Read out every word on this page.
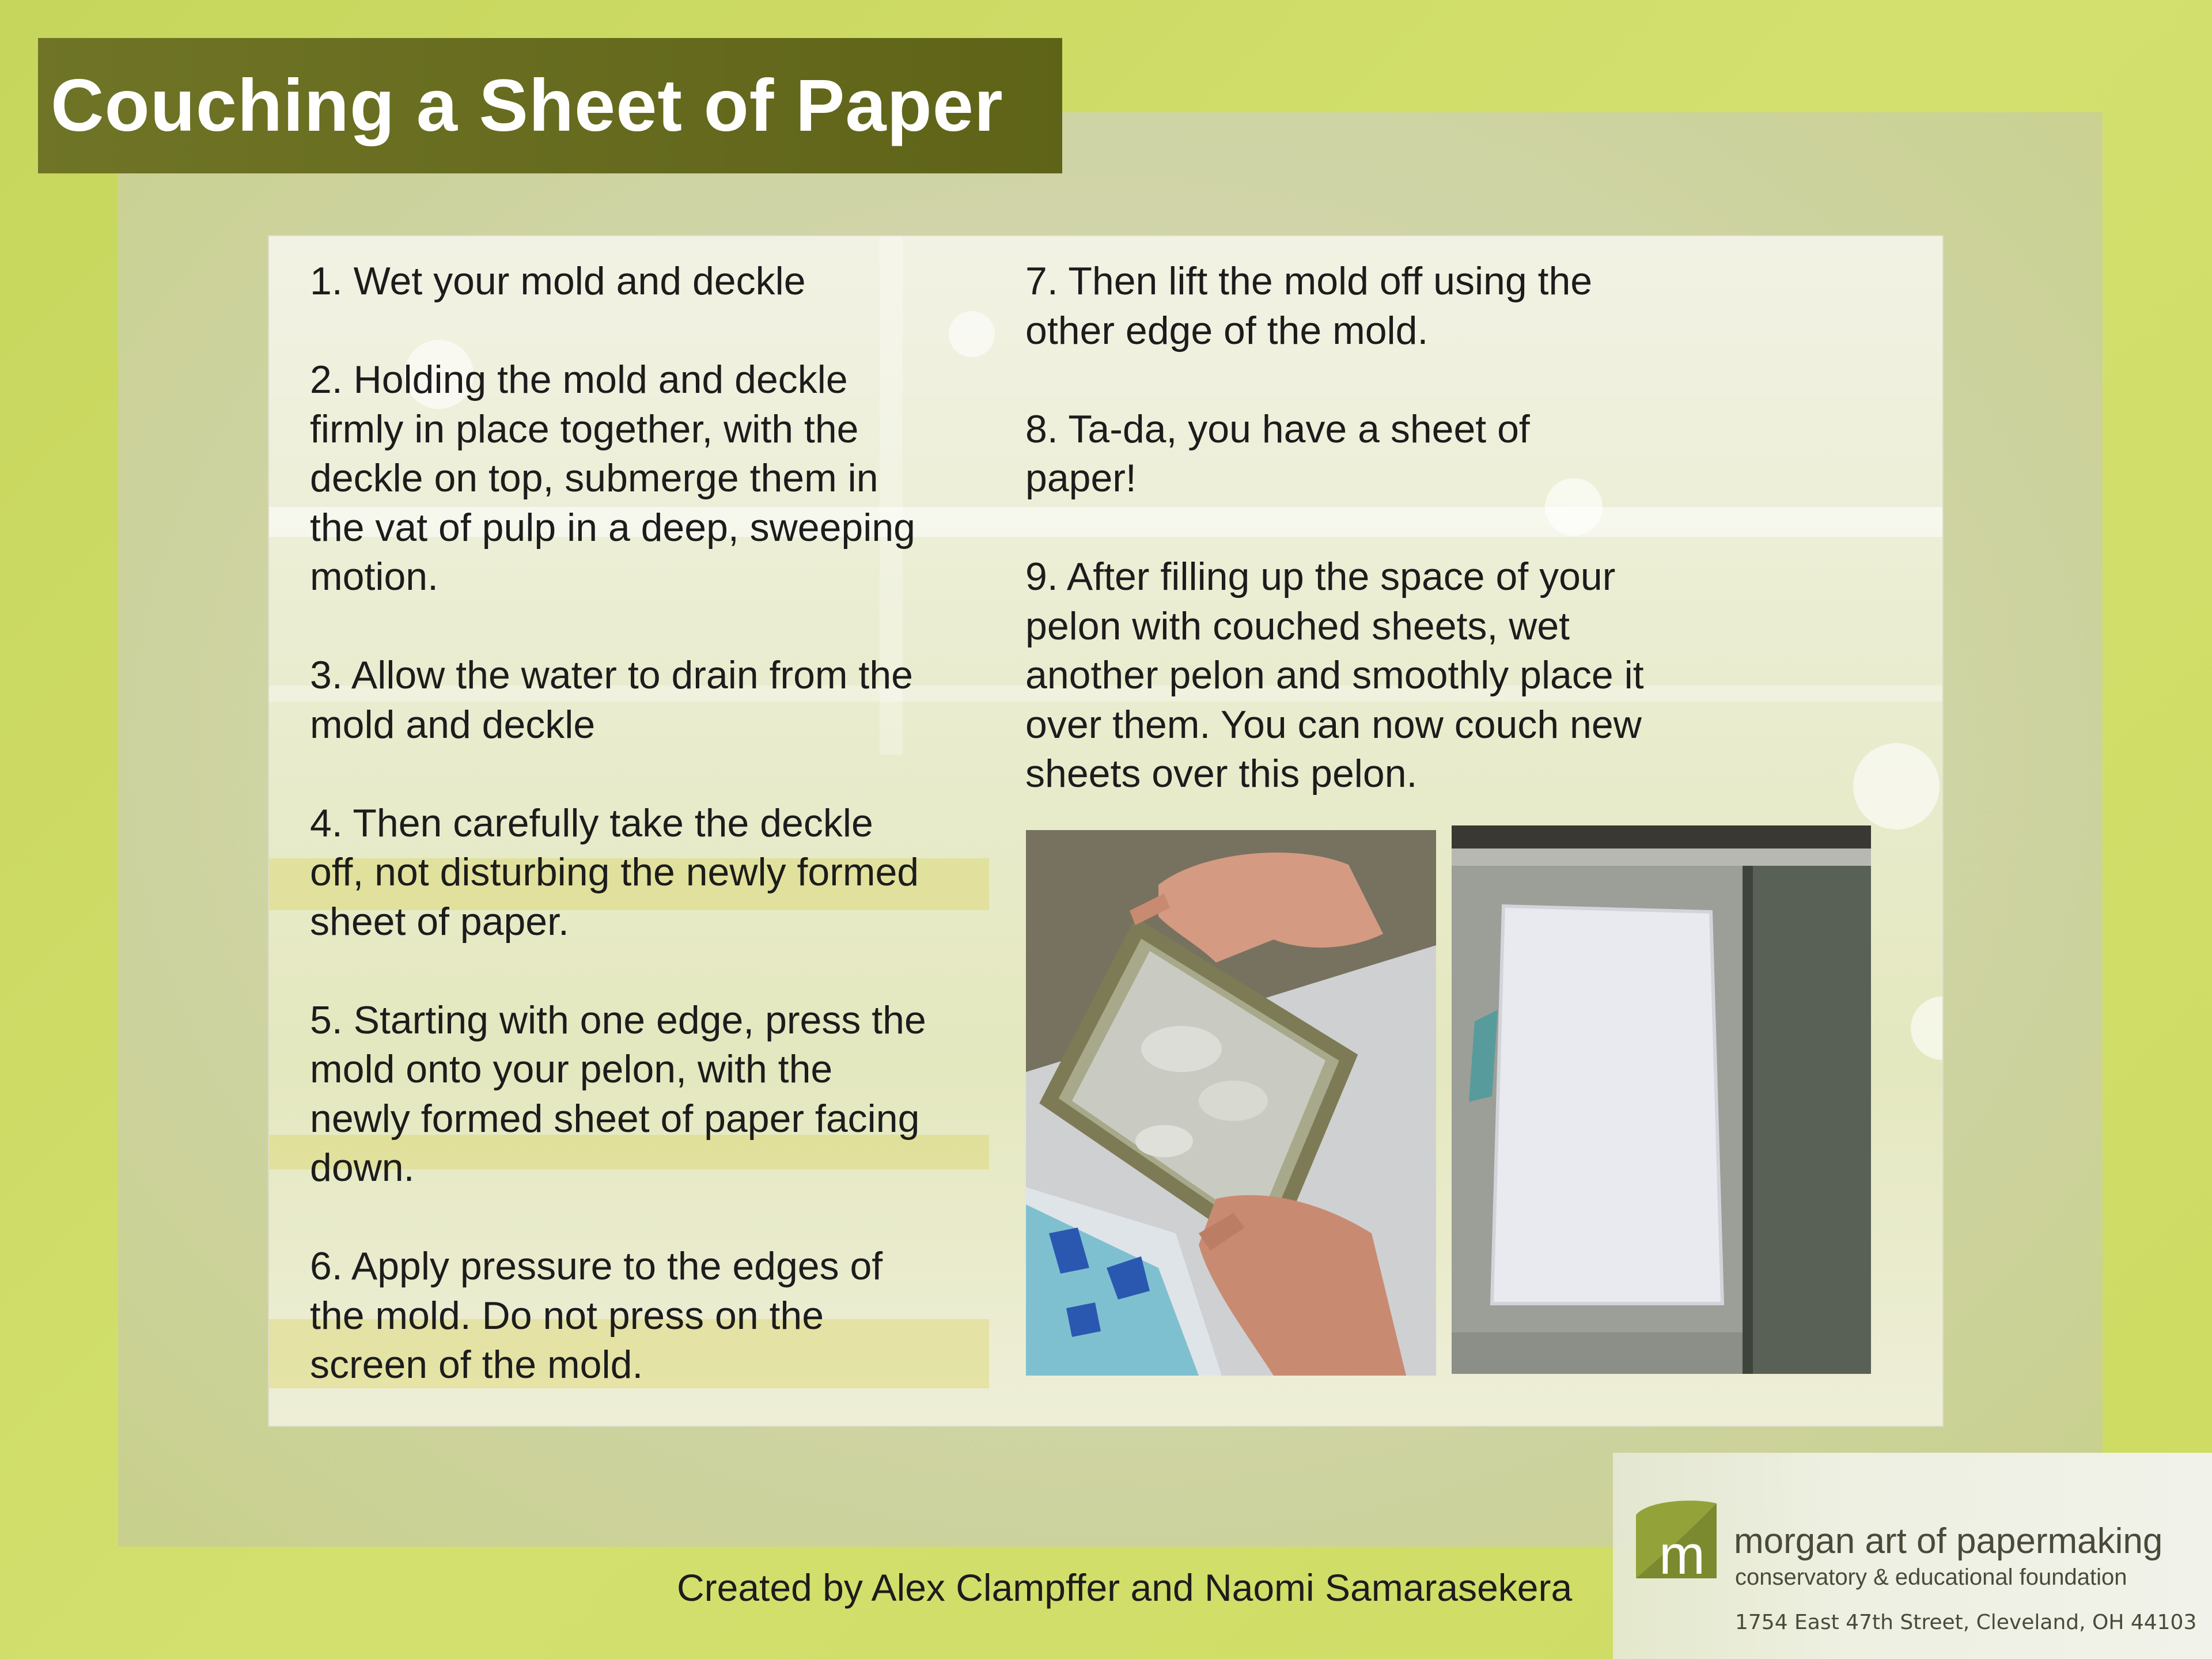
Couching a Sheet of Paper

1. Wet your mold and deckle

2. Holding the mold and deckle
firmly in place together, with the
deckle on top, submerge them in
the vat of pulp in a deep, sweeping
motion.

3. Allow the water to drain from the
mold and deckle

4. Then carefully take the deckle
off, not disturbing the newly formed
sheet of paper.

5. Starting with one edge, press the
mold onto your pelon, with the
newly formed sheet of paper facing
down.

6. Apply pressure to the edges of
the mold. Do not press on the
screen of the mold.

7. Then lift the mold off using the
other edge of the mold.

8. Ta-da, you have a sheet of
paper!

9. After filling up the space of your
pelon with couched sheets, wet
another pelon and smoothly place it
over them. You can now couch new
sheets over this pelon.

Created by Alex Clampffer and Naomi Samarasekera
m morgan art of papermaking
conservatory & educational foundation
1754 East 47th Street, Cleveland, OH 44103
